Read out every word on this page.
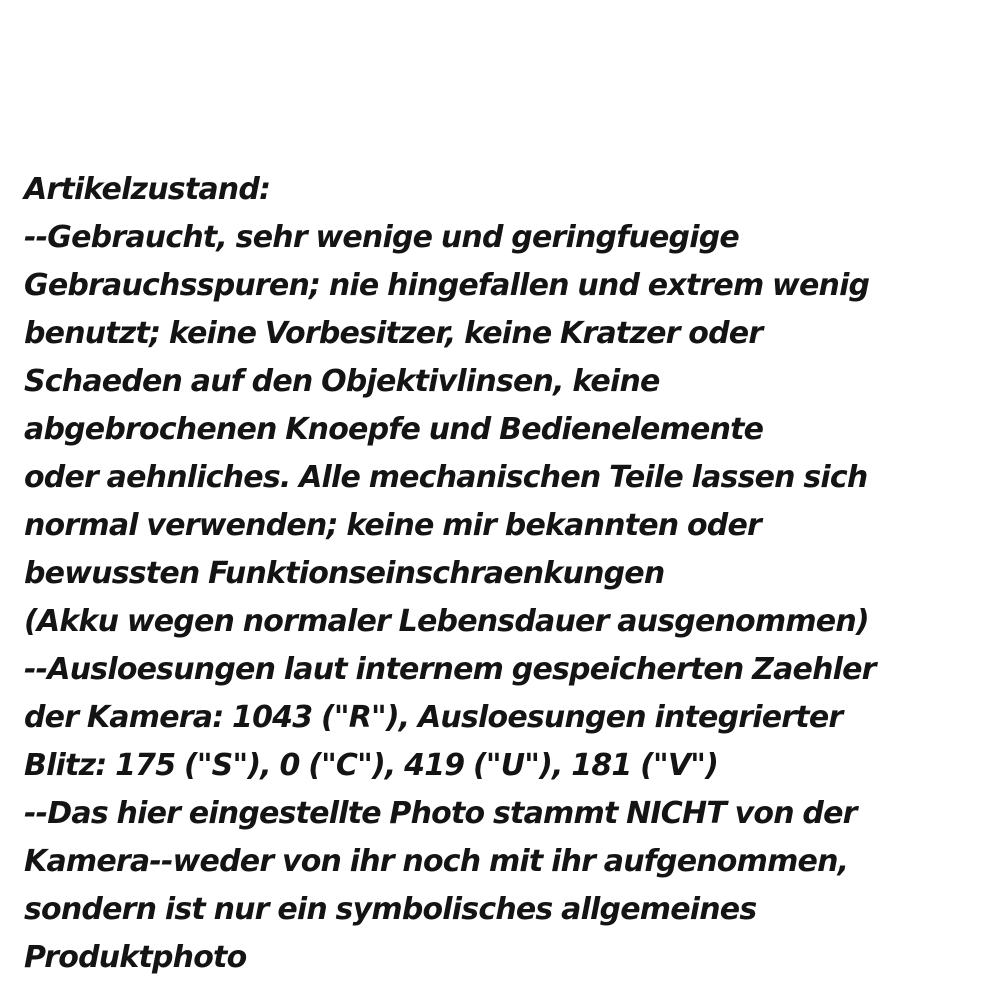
Artikelzustand:
--Gebraucht, sehr wenige und geringfuegige
Gebrauchsspuren; nie hingefallen und extrem wenig
benutzt; keine Vorbesitzer, keine Kratzer oder
Schaeden auf den Objektivlinsen, keine
abgebrochenen Knoepfe und Bedienelemente
oder aehnliches. Alle mechanischen Teile lassen sich
normal verwenden; keine mir bekannten oder
bewussten Funktionseinschraenkungen
(Akku wegen normaler Lebensdauer ausgenommen)
--Ausloesungen laut internem gespeicherten Zaehler
der Kamera: 1043 ("R"), Ausloesungen integrierter
Blitz: 175 ("S"), 0 ("C"), 419 ("U"), 181 ("V")
--Das hier eingestellte Photo stammt NICHT von der
Kamera--weder von ihr noch mit ihr aufgenommen,
sondern ist nur ein symbolisches allgemeines
Produktphoto
